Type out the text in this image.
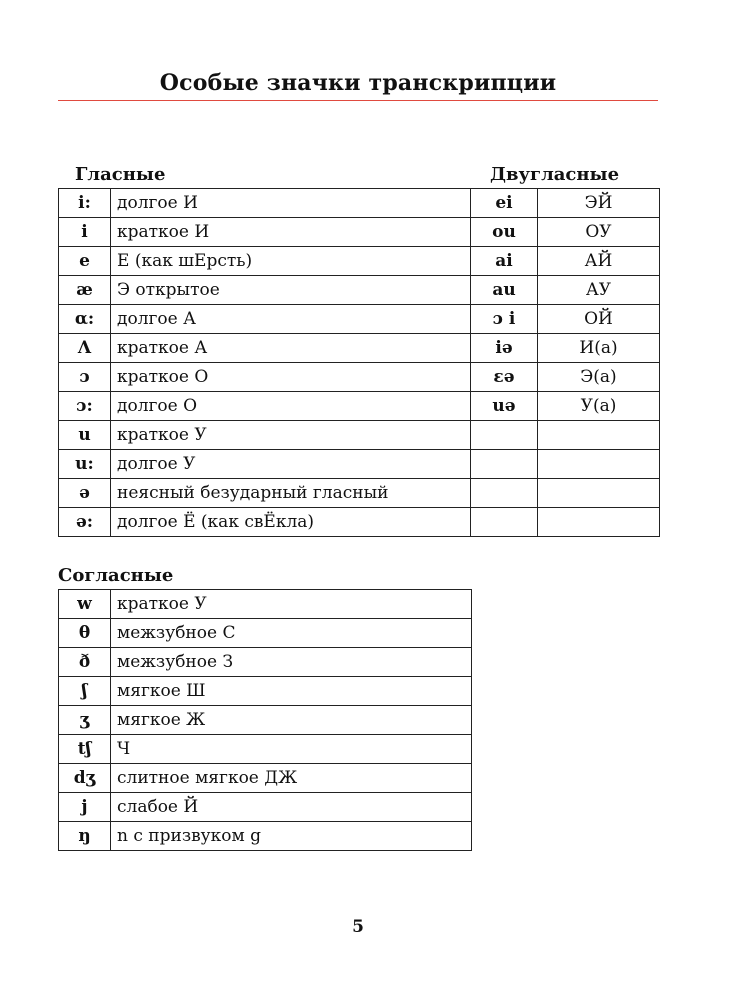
Особые значки транскрипции
Гласные	Двугласные
i:	долгое И	ei	ЭЙ
i	краткое И	ou	ОУ
e	Е (как шЕрсть)	ai	АЙ
æ	Э открытое	au	АУ
α:	долгое А	ɔ i	ОЙ
Λ	краткое А	iə	И(а)
ɔ	краткое О	εə	Э(а)
ɔ:	долгое О	uə	У(а)
u	краткое У		
u:	долгое У		
ə	неясный безударный гласный		
ə:	долгое Ё (как свЁкла)		
Согласные
w	краткое У
θ	межзубное С
ð	межзубное З
ʃ	мягкое Ш
ʒ	мягкое Ж
tʃ	Ч
dʒ	слитное мягкое ДЖ
j	слабое Й
ŋ	n с призвуком g
5
